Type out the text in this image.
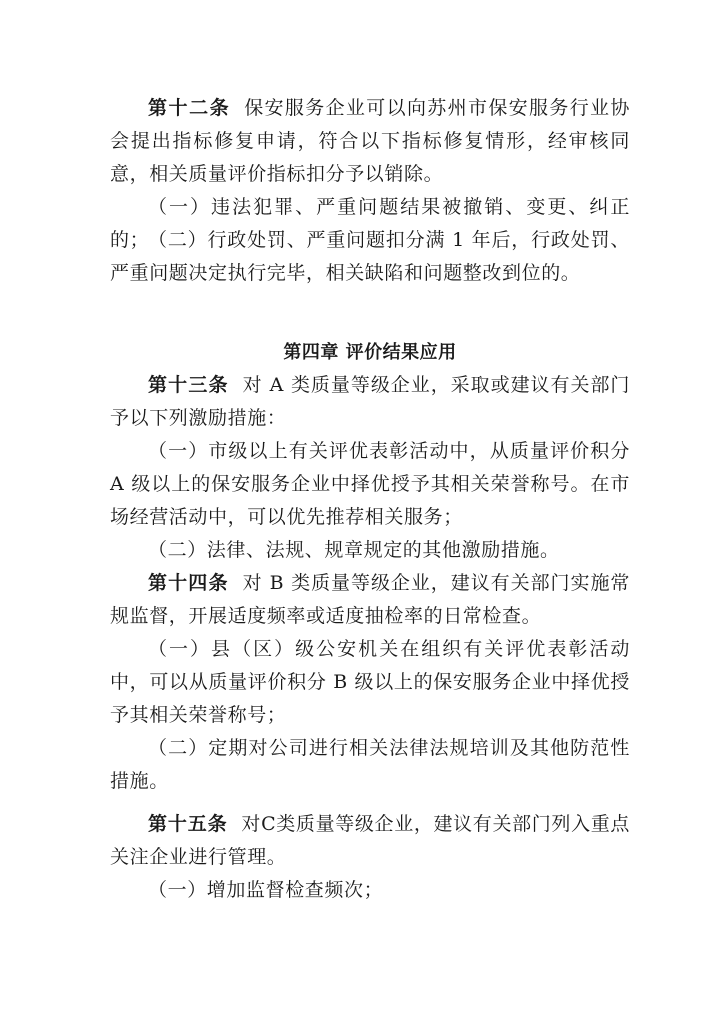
第十二条 保安服务企业可以向苏州市保安服务行业协会提出指标修复申请，符合以下指标修复情形，经审核同意，相关质量评价指标扣分予以销除。

（一）违法犯罪、严重问题结果被撤销、变更、纠正的；

（二）行政处罚、严重问题扣分满 1 年后，行政处罚、严重问题决定执行完毕，相关缺陷和问题整改到位的。

第四章 评价结果应用

第十三条 对 A 类质量等级企业，采取或建议有关部门予以下列激励措施：

（一）市级以上有关评优表彰活动中，从质量评价积分 A 级以上的保安服务企业中择优授予其相关荣誉称号。在市场经营活动中，可以优先推荐相关服务；

（二）法律、法规、规章规定的其他激励措施。

第十四条 对 B 类质量等级企业，建议有关部门实施常规监督，开展适度频率或适度抽检率的日常检查。

（一）县（区）级公安机关在组织有关评优表彰活动中，可以从质量评价积分 B 级以上的保安服务企业中择优授予其相关荣誉称号；

（二）定期对公司进行相关法律法规培训及其他防范性措施。

第十五条 对C类质量等级企业，建议有关部门列入重点关注企业进行管理。

（一）增加监督检查频次；
